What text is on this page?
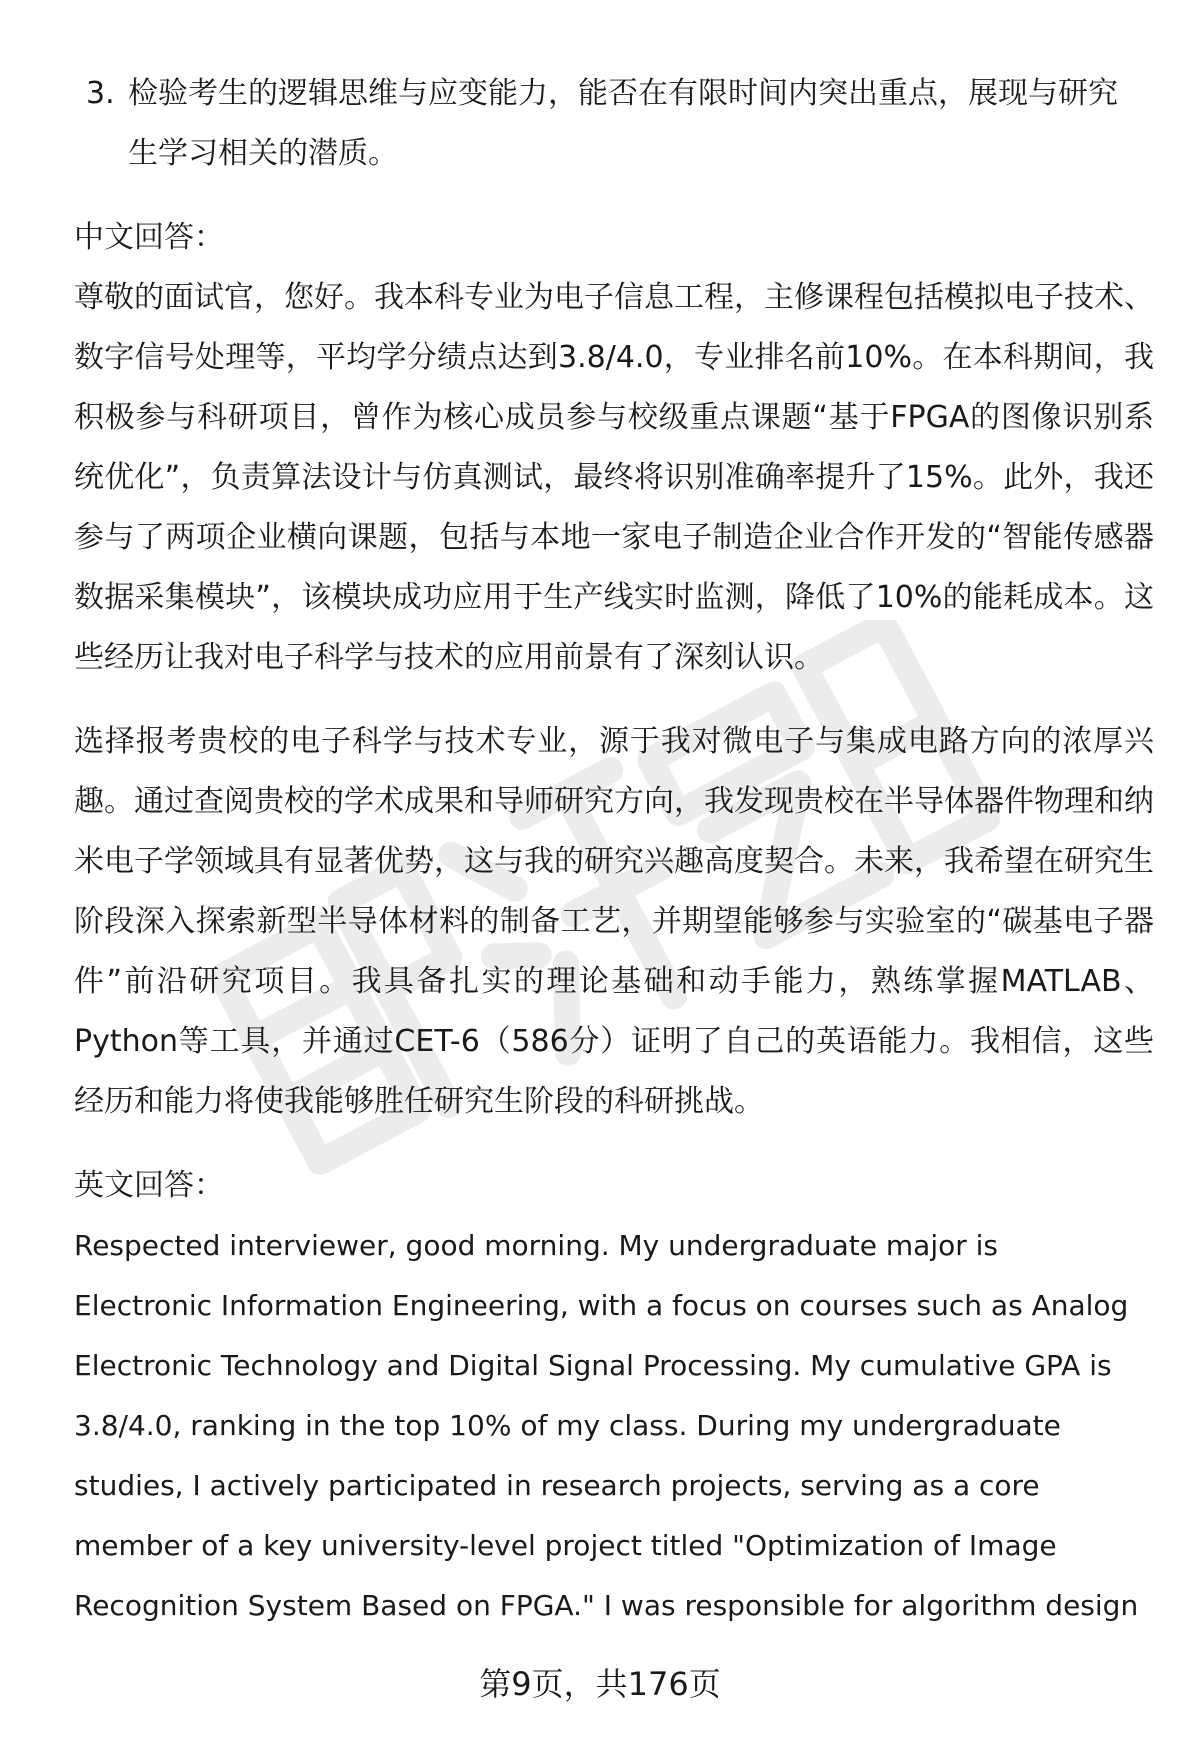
3. 检验考生的逻辑思维与应变能力，能否在有限时间内突出重点，展现与研究生学习相关的潜质。
中文回答：

尊敬的面试官，您好。我本科专业为电子信息工程，主修课程包括模拟电子技术、数字信号处理等，平均学分绩点达到3.8/4.0，专业排名前10%。在本科期间，我积极参与科研项目，曾作为核心成员参与校级重点课题“基于FPGA的图像识别系统优化”，负责算法设计与仿真测试，最终将识别准确率提升了15%。此外，我还参与了两项企业横向课题，包括与本地一家电子制造企业合作开发的“智能传感器数据采集模块”，该模块成功应用于生产线实时监测，降低了10%的能耗成本。这些经历让我对电子科学与技术的应用前景有了深刻认识。

选择报考贵校的电子科学与技术专业，源于我对微电子与集成电路方向的浓厚兴趣。通过查阅贵校的学术成果和导师研究方向，我发现贵校在半导体器件物理和纳米电子学领域具有显著优势，这与我的研究兴趣高度契合。未来，我希望在研究生阶段深入探索新型半导体材料的制备工艺，并期望能够参与实验室的“碳基电子器件”前沿研究项目。我具备扎实的理论基础和动手能力，熟练掌握MATLAB、Python等工具，并通过CET-6（586分）证明了自己的英语能力。我相信，这些经历和能力将使我能够胜任研究生阶段的科研挑战。

英文回答：

Respected interviewer, good morning. My undergraduate major is

Electronic Information Engineering, with a focus on courses such as Analog

Electronic Technology and Digital Signal Processing. My cumulative GPA is

3.8/4.0, ranking in the top 10% of my class. During my undergraduate

studies, I actively participated in research projects, serving as a core

member of a key university-level project titled "Optimization of Image

Recognition System Based on FPGA." I was responsible for algorithm design

第9页，共176页
